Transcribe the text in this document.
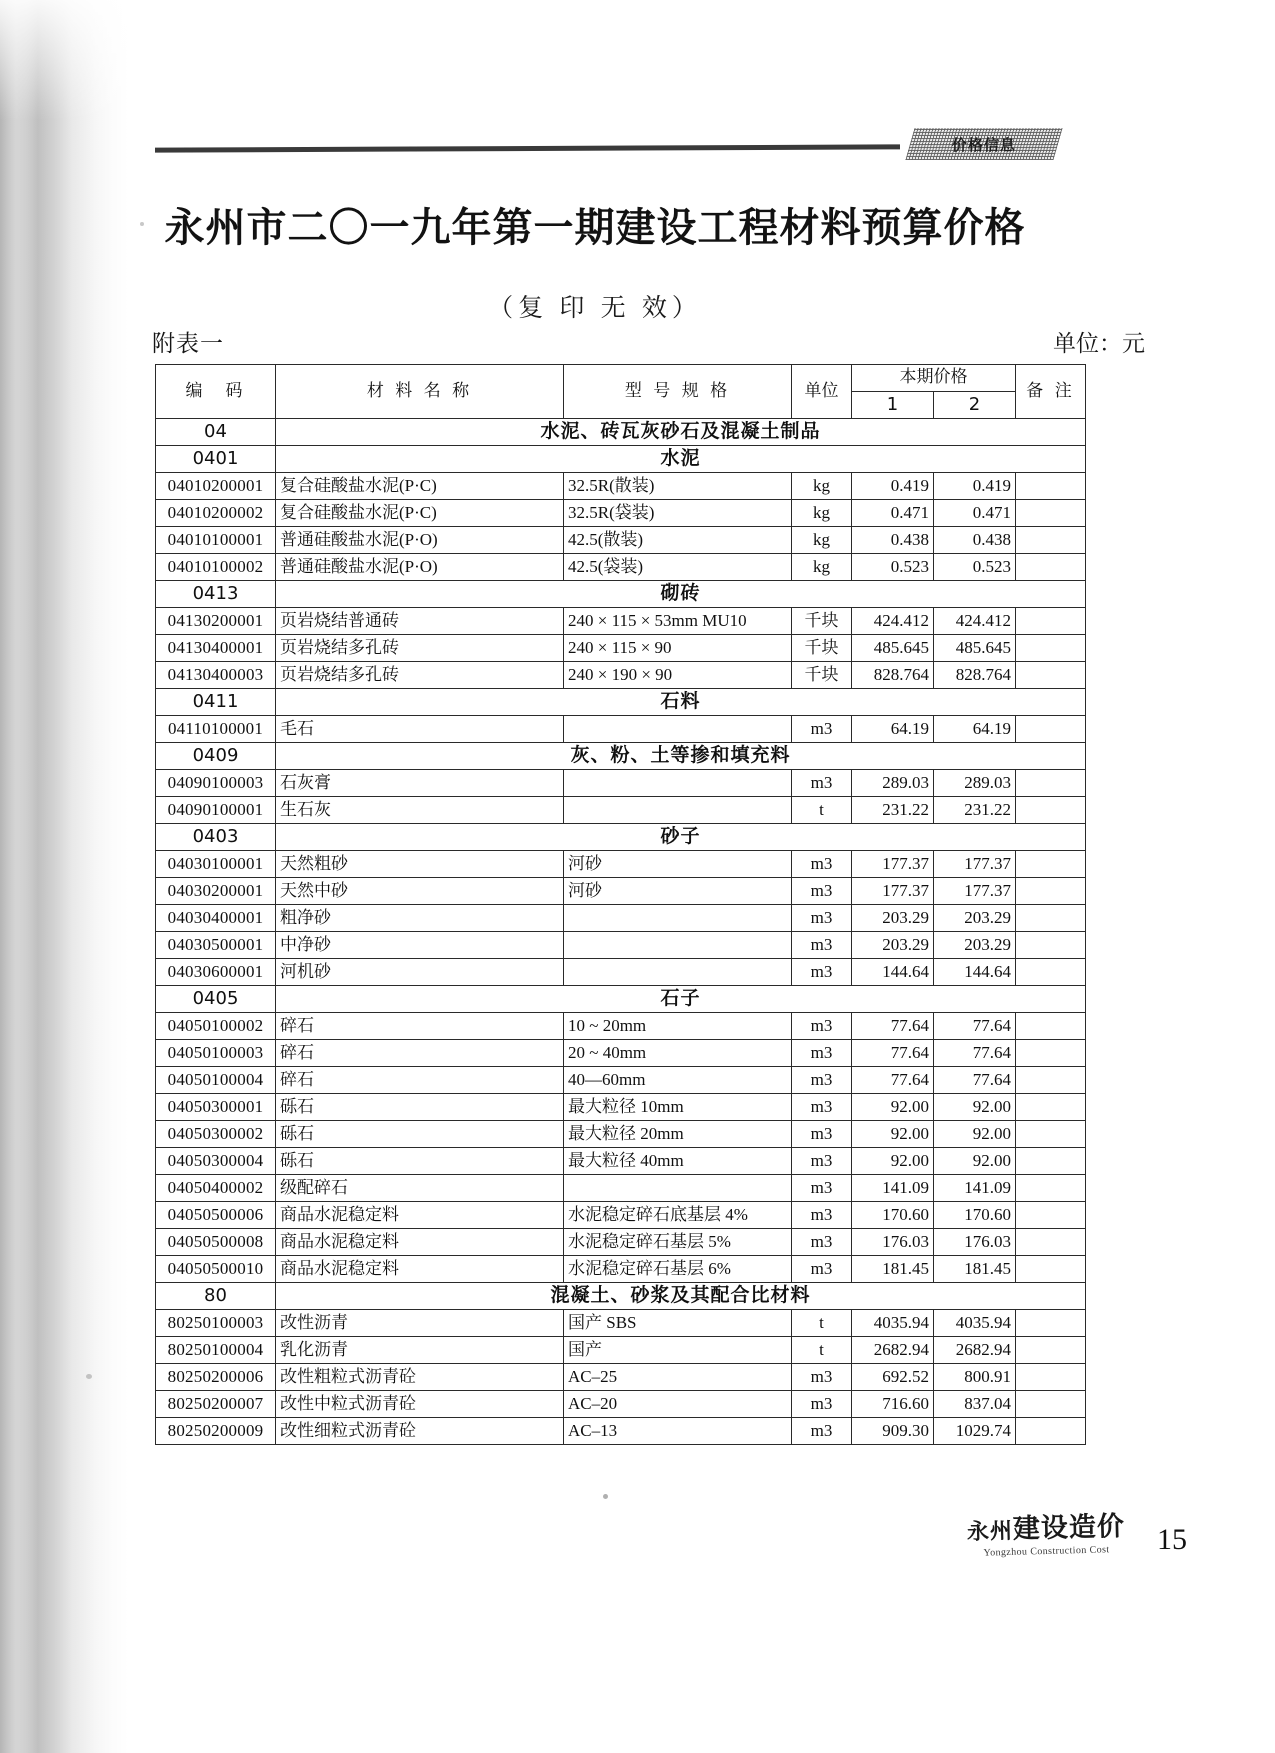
价格信息
永州市二〇一九年第一期建设工程材料预算价格
（复 印 无 效）
附表一	单位：元
编　码	材 料 名 称	型 号 规 格	单位	本期价格		备 注
				1	2	
04	水泥、砖瓦灰砂石及混凝土制品					
0401	水泥					
04010200001	复合硅酸盐水泥(P·C)	32.5R(散装)	kg	0.419	0.419	
04010200002	复合硅酸盐水泥(P·C)	32.5R(袋装)	kg	0.471	0.471	
04010100001	普通硅酸盐水泥(P·O)	42.5(散装)	kg	0.438	0.438	
04010100002	普通硅酸盐水泥(P·O)	42.5(袋装)	kg	0.523	0.523	
0413	砌砖					
04130200001	页岩烧结普通砖	240 × 115 × 53mm MU10	千块	424.412	424.412	
04130400001	页岩烧结多孔砖	240 × 115 × 90	千块	485.645	485.645	
04130400003	页岩烧结多孔砖	240 × 190 × 90	千块	828.764	828.764	
0411	石料					
04110100001	毛石		m3	64.19	64.19	
0409	灰、粉、土等掺和填充料					
04090100003	石灰膏		m3	289.03	289.03	
04090100001	生石灰		t	231.22	231.22	
0403	砂子					
04030100001	天然粗砂	河砂	m3	177.37	177.37	
04030200001	天然中砂	河砂	m3	177.37	177.37	
04030400001	粗净砂		m3	203.29	203.29	
04030500001	中净砂		m3	203.29	203.29	
04030600001	河机砂		m3	144.64	144.64	
0405	石子					
04050100002	碎石	10 ~ 20mm	m3	77.64	77.64	
04050100003	碎石	20 ~ 40mm	m3	77.64	77.64	
04050100004	碎石	40—60mm	m3	77.64	77.64	
04050300001	砾石	最大粒径 10mm	m3	92.00	92.00	
04050300002	砾石	最大粒径 20mm	m3	92.00	92.00	
04050300004	砾石	最大粒径 40mm	m3	92.00	92.00	
04050400002	级配碎石		m3	141.09	141.09	
04050500006	商品水泥稳定料	水泥稳定碎石底基层 4%	m3	170.60	170.60	
04050500008	商品水泥稳定料	水泥稳定碎石基层 5%	m3	176.03	176.03	
04050500010	商品水泥稳定料	水泥稳定碎石基层 6%	m3	181.45	181.45	
80	混凝土、砂浆及其配合比材料					
80250100003	改性沥青	国产 SBS	t	4035.94	4035.94	
80250100004	乳化沥青	国产	t	2682.94	2682.94	
80250200006	改性粗粒式沥青砼	AC–25	m3	692.52	800.91	
80250200007	改性中粒式沥青砼	AC–20	m3	716.60	837.04	
80250200009	改性细粒式沥青砼	AC–13	m3	909.30	1029.74	
永州建设造价
Yongzhou Construction Cost	15
